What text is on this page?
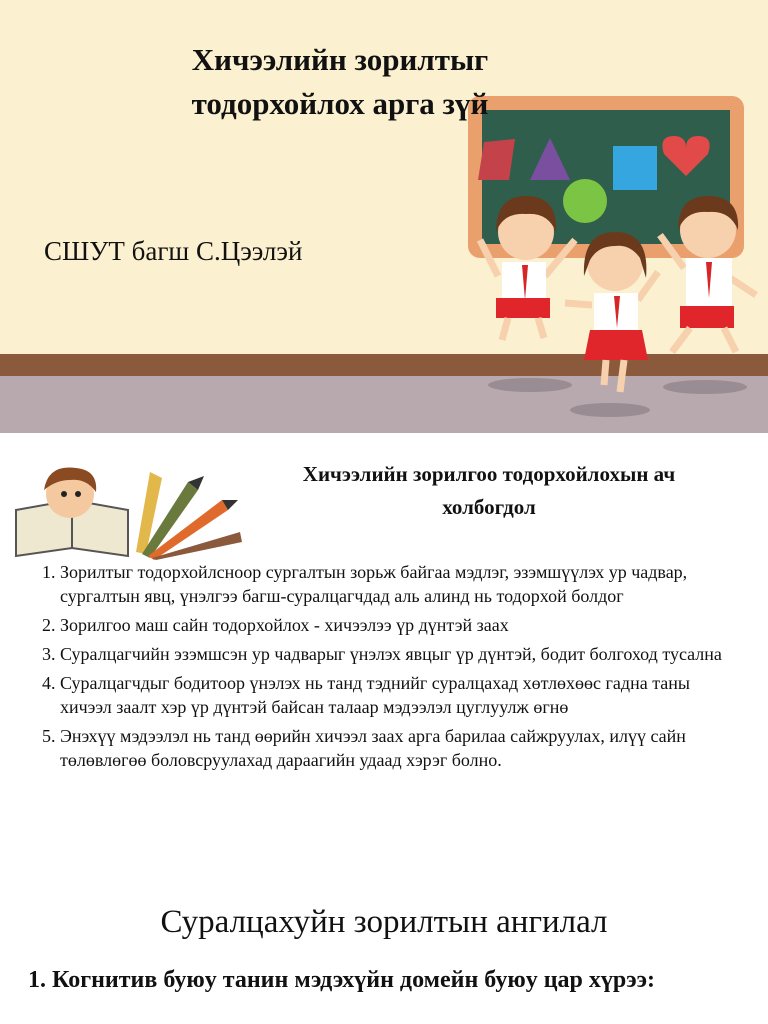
Хичээлийн зорилтыг
тодорхойлох арга зүй
СШУТ багш С.Цээлэй
Хичээлийн зорилгоо тодорхойлохын ач
холбогдол
1. Зорилтыг тодорхойлсноор сургалтын зорьж байгаа мэдлэг, эзэмшүүлэх ур чадвар, сургалтын явц, үнэлгээ багш-суралцагчдад аль алинд нь тодорхой болдог
2. Зорилгоо маш сайн тодорхойлох - хичээлээ үр дүнтэй заах
3. Суралцагчийн эзэмшсэн ур чадварыг үнэлэх явцыг үр дүнтэй, бодит болгоход тусална
4. Суралцагчдыг бодитоор үнэлэх нь танд тэднийг суралцахад хөтлөхөөс гадна таны хичээл заалт хэр үр дүнтэй байсан талаар мэдээлэл цуглуулж өгнө
5. Энэхүү мэдээлэл нь танд өөрийн хичээл заах арга барилаа сайжруулах, илүү сайн төлөвлөгөө боловсруулахад дараагийн удаад хэрэг болно.
Суралцахуйн зорилтын ангилал
1. Когнитив буюу танин мэдэхүйн домейн буюу цар хүрээ:
